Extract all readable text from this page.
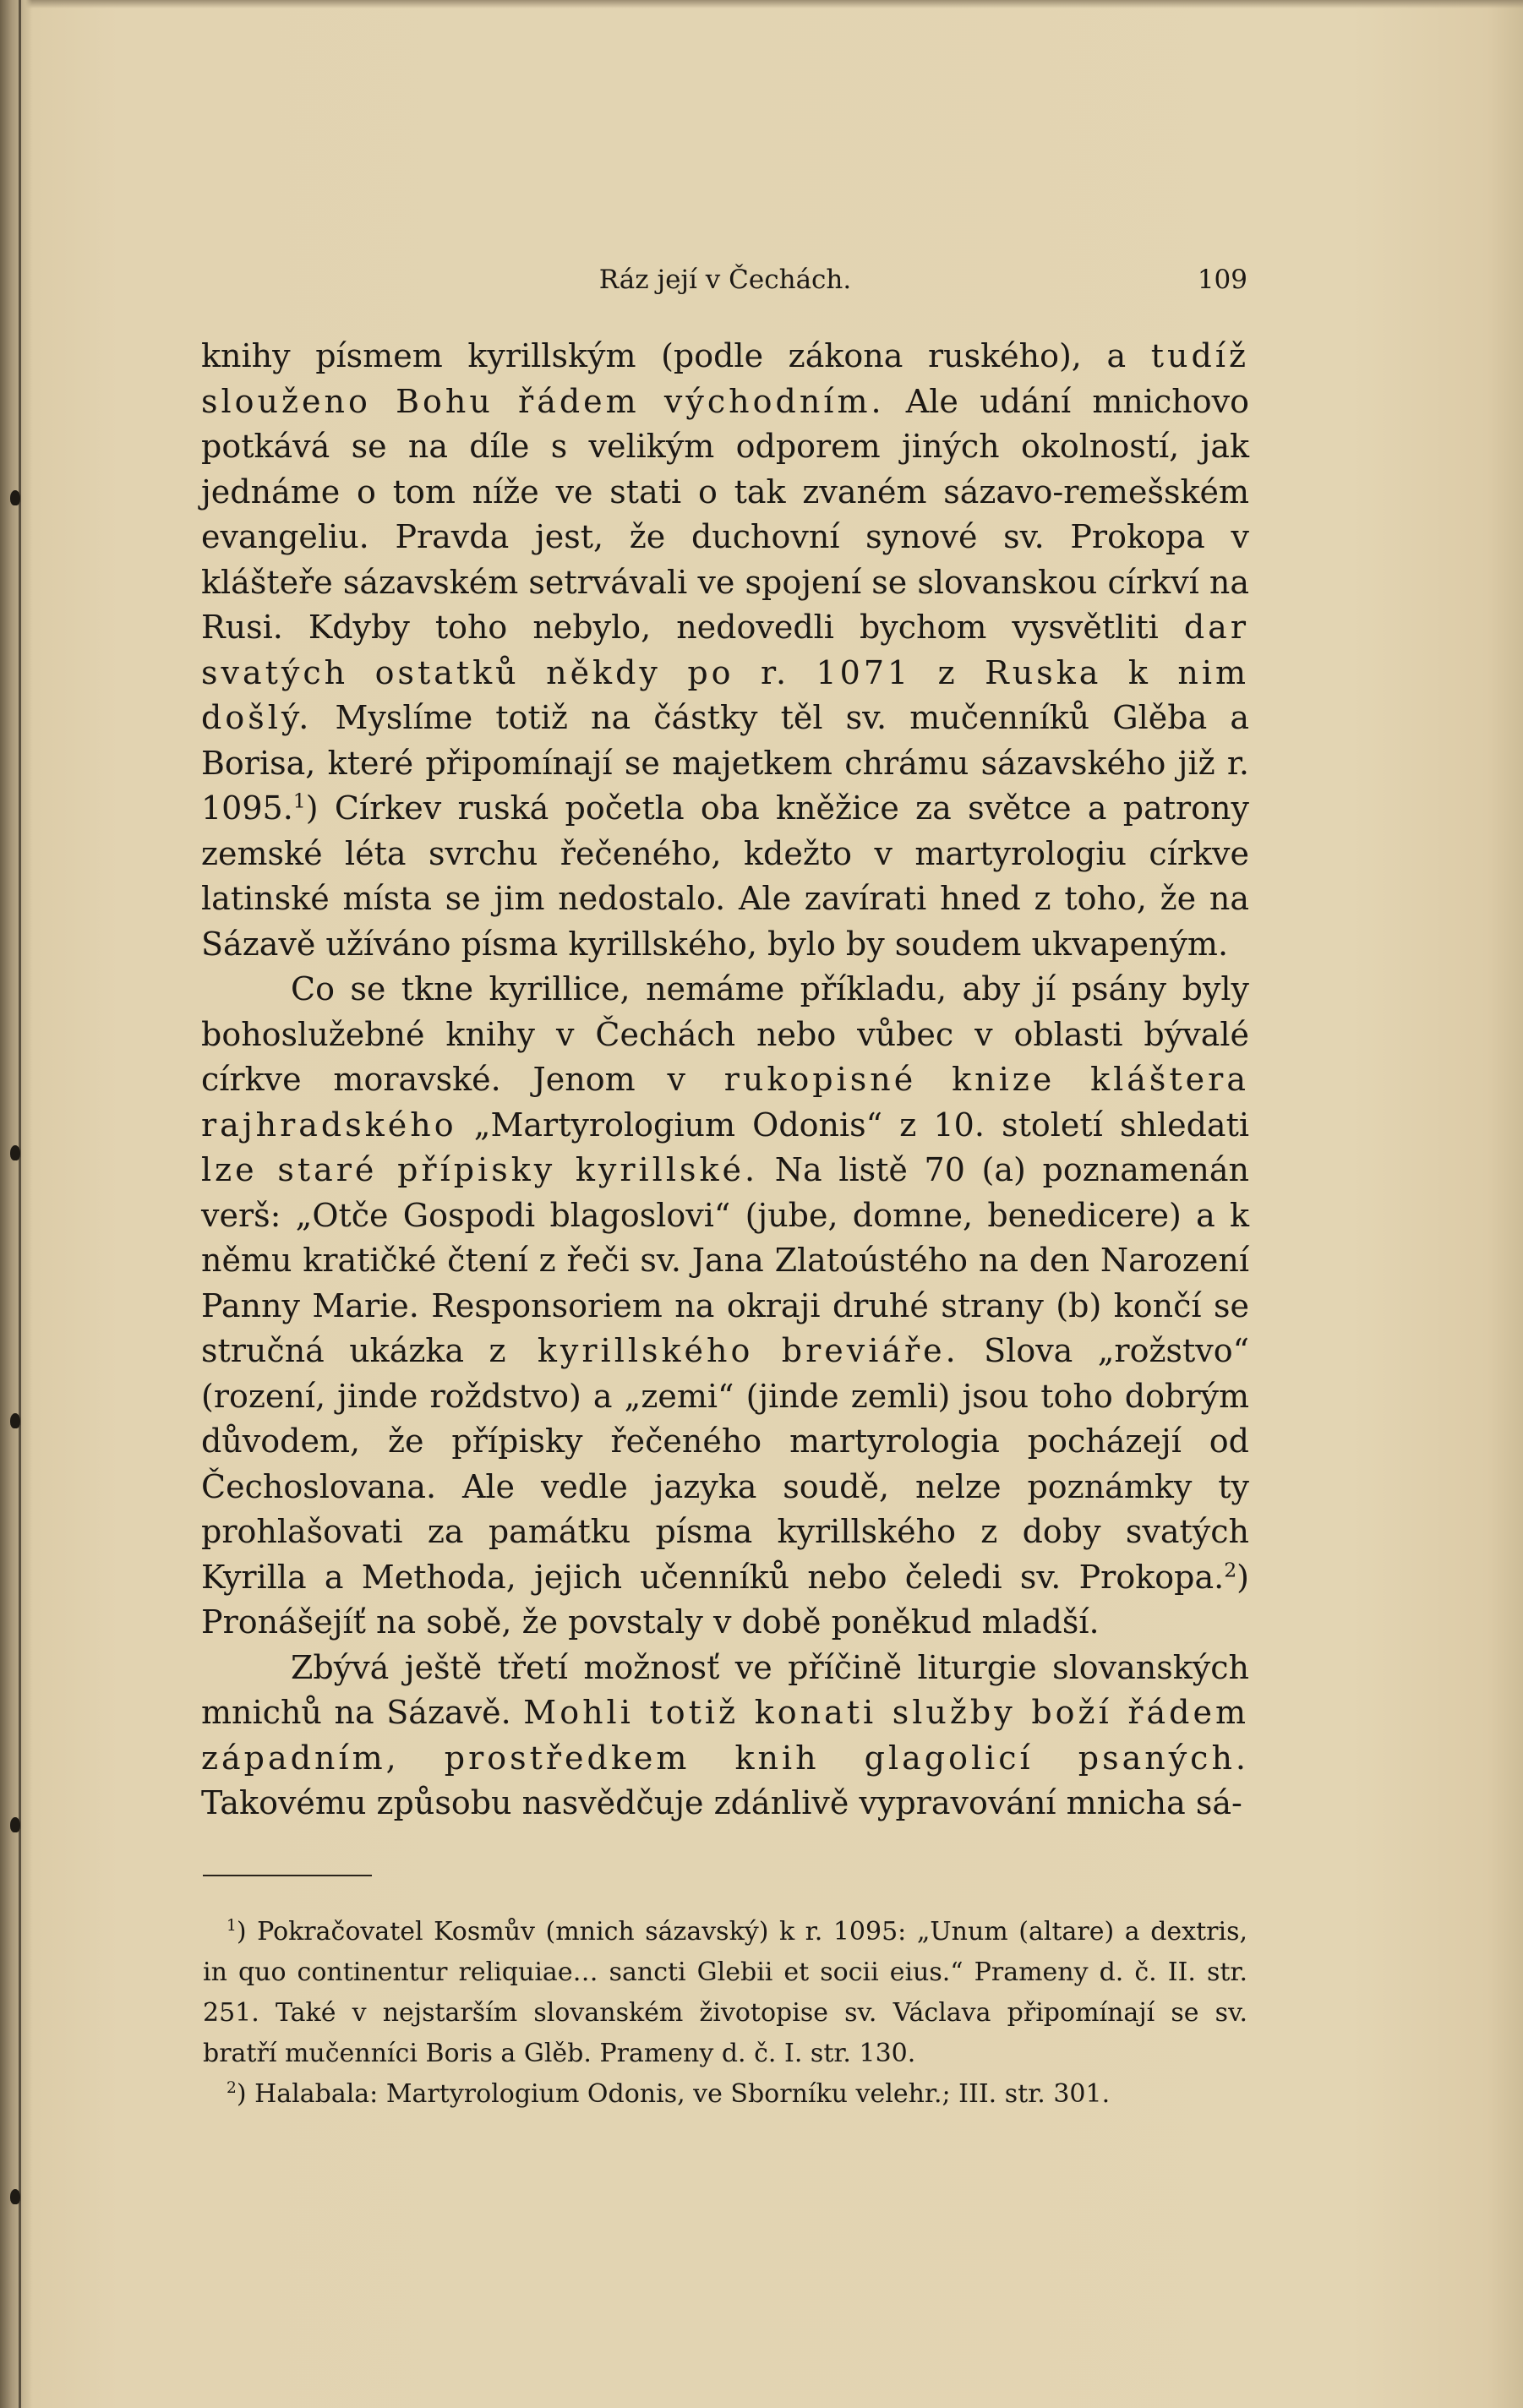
Ráz její v Čechách.	109

knihy písmem kyrillským (podle zákona ruského), a tudíž slouženo Bohu řádem východním. Ale udání mnichovo potkává se na díle s velikým odporem jiných okolností, jak jednáme o tom níže ve stati o tak zvaném sázavo-remešském evangeliu. Pravda jest, že duchovní synové sv. Prokopa v klášteře sázavském setrvávali ve spojení se slovanskou církví na Rusi. Kdyby toho nebylo, nedovedli bychom vysvětliti dar svatých ostatků někdy po r. 1071 z Ruska k nim došlý. Myslíme totiž na částky těl sv. mučenníků Glěba a Borisa, které připomínají se majetkem chrámu sázavského již r. 1095.$^1$) Církev ruská početla oba kněžice za světce a patrony zemské léta svrchu řečeného, kdežto v martyrologiu církve latinské místa se jim nedostalo. Ale zavírati hned z toho, že na Sázavě užíváno písma kyrillského, bylo by soudem ukvapeným.

Co se tkne kyrillice, nemáme příkladu, aby jí psány byly bohoslužebné knihy v Čechách nebo vůbec v oblasti bývalé církve moravské. Jenom v rukopisné knize kláštera rajhradského „Martyrologium Odonis“ z 10. století shledati lze staré přípisky kyrillské. Na listě 70 (a) poznamenán verš: „Otče Gospodi blagoslovi“ (jube, domne, benedicere) a k němu kratičké čtení z řeči sv. Jana Zlatoústého na den Narození Panny Marie. Responsoriem na okraji druhé strany (b) končí se stručná ukázka z kyrillského breviáře. Slova „rožstvo“ (rození, jinde roždstvo) a „zemi“ (jinde zemli) jsou toho dobrým důvodem, že přípisky řečeného martyrologia pocházejí od Čechoslovana. Ale vedle jazyka soudě, nelze poznámky ty prohlašovati za památku písma kyrillského z doby svatých Kyrilla a Methoda, jejich učenníků nebo čeledi sv. Prokopa.$^2$) Pronášejíť na sobě, že povstaly v době poněkud mladší.

Zbývá ještě třetí možnosť ve příčině liturgie slovanských mnichů na Sázavě. Mohli totiž konati služby boží řádem západním, prostředkem knih glagolicí psaných. Takovému způsobu nasvědčuje zdánlivě vypravování mnicha sá-

$^1$) Pokračovatel Kosmův (mnich sázavský) k r. 1095: „Unum (altare) a dextris, in quo continentur reliquiae… sancti Glebii et socii eius.“ Prameny d. č. II. str. 251. Také v nejstarším slovanském životopise sv. Václava připomínají se sv. bratří mučenníci Boris a Glěb. Prameny d. č. I. str. 130.

$^2$) Halabala: Martyrologium Odonis, ve Sborníku velehr.; III. str. 301.
